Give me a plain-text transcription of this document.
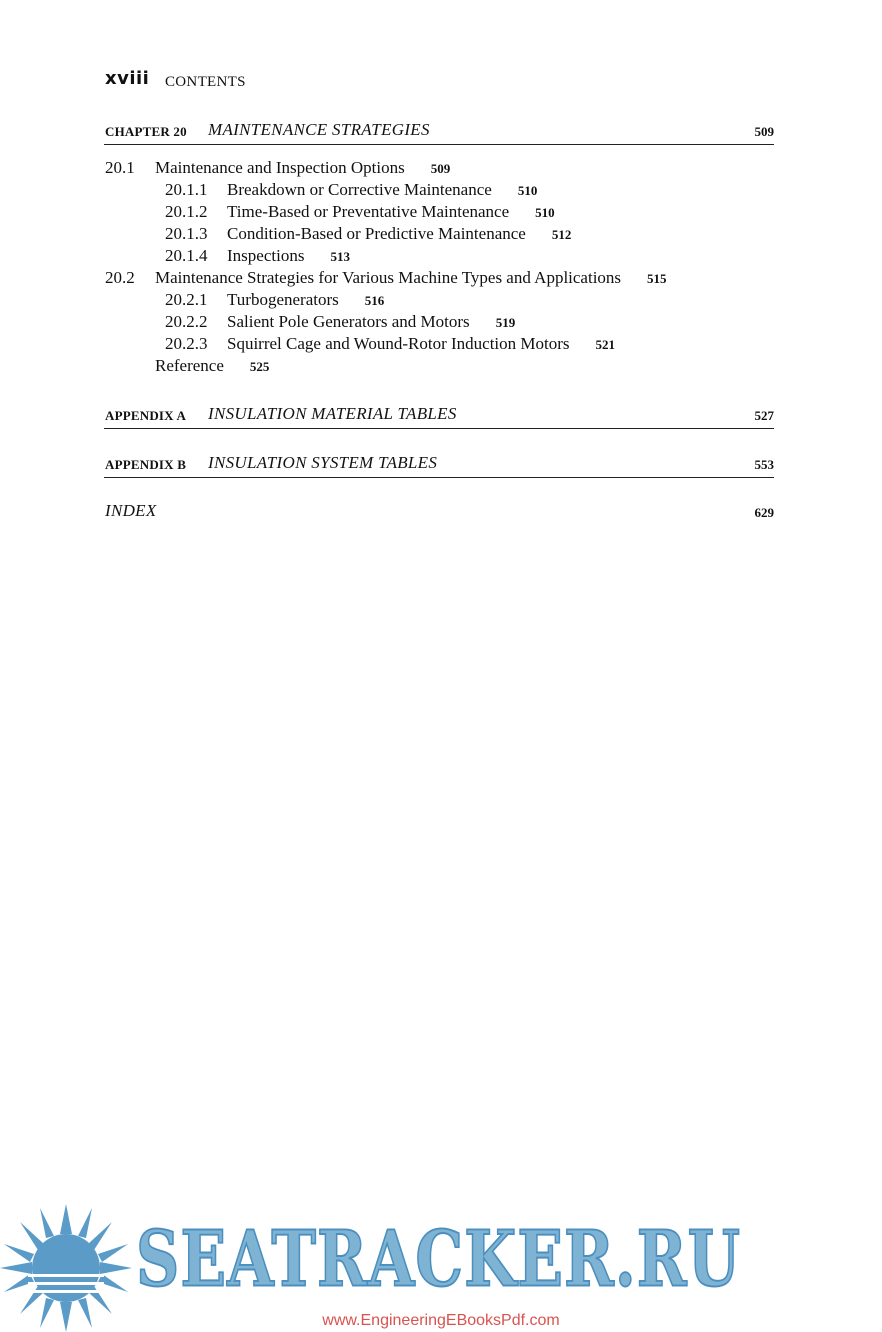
xviii CONTENTS
CHAPTER 20 MAINTENANCE STRATEGIES	509
20.1 Maintenance and Inspection Options 509
20.1.1 Breakdown or Corrective Maintenance 510
20.1.2 Time-Based or Preventative Maintenance 510
20.1.3 Condition-Based or Predictive Maintenance 512
20.1.4 Inspections 513
20.2 Maintenance Strategies for Various Machine Types and Applications 515
20.2.1 Turbogenerators 516
20.2.2 Salient Pole Generators and Motors 519
20.2.3 Squirrel Cage and Wound-Rotor Induction Motors 521
Reference 525
APPENDIX A INSULATION MATERIAL TABLES	527
APPENDIX B INSULATION SYSTEM TABLES	553
INDEX	629
SEATRACKER.RU
www.EngineeringEBooksPdf.com
